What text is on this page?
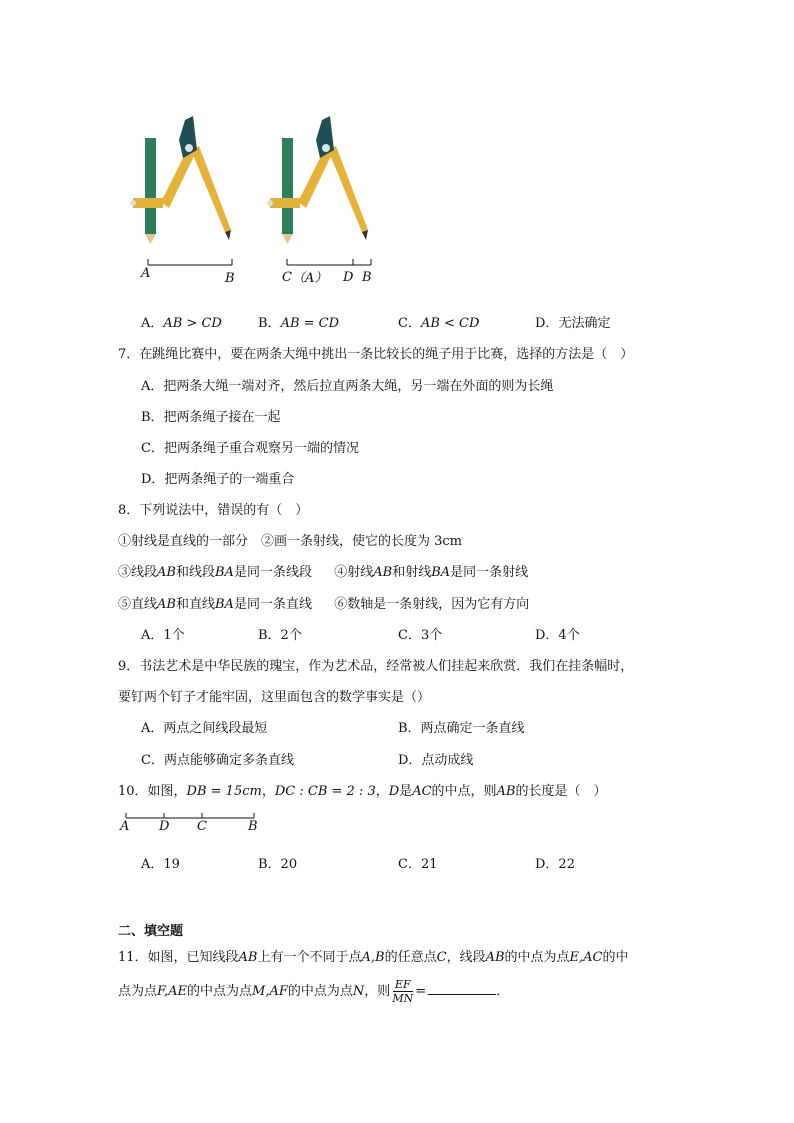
A	B	C （A） D B
A．AB > CD	B．AB = CD	C．AB < CD	D．无法确定
7．在跳绳比赛中，要在两条大绳中挑出一条比较长的绳子用于比赛，选择的方法是（　）
A．把两条大绳一端对齐，然后拉直两条大绳，另一端在外面的则为长绳
B．把两条绳子接在一起
C．把两条绳子重合观察另一端的情况
D．把两条绳子的一端重合
8．下列说法中，错误的有（　）
①射线是直线的一部分　②画一条射线，使它的长度为 3cm
③线段AB和线段BA是同一条线段 ④射线AB和射线BA是同一条射线
⑤直线AB和直线BA是同一条直线 ⑥数轴是一条射线，因为它有方向
A．1个	B．2个	C．3个	D．4个
9．书法艺术是中华民族的瑰宝，作为艺术品，经常被人们挂起来欣赏．我们在挂条幅时，
要钉两个钉子才能牢固，这里面包含的数学事实是（）
A．两点之间线段最短	B．两点确定一条直线
C．两点能够确定多条直线	D．点动成线
10．如图，DB = 15cm，DC : CB = 2 : 3，D是AC的中点，则AB的长度是（　）
A D C	B
A．19	B．20	C．21	D．22
二、填空题
11．如图，已知线段AB上有一个不同于点A,B的任意点C，线段AB的中点为点E,AC的中
点为点F,AE的中点为点M,AF的中点为点N，则 $\frac{EF}{MN}$ =	．
